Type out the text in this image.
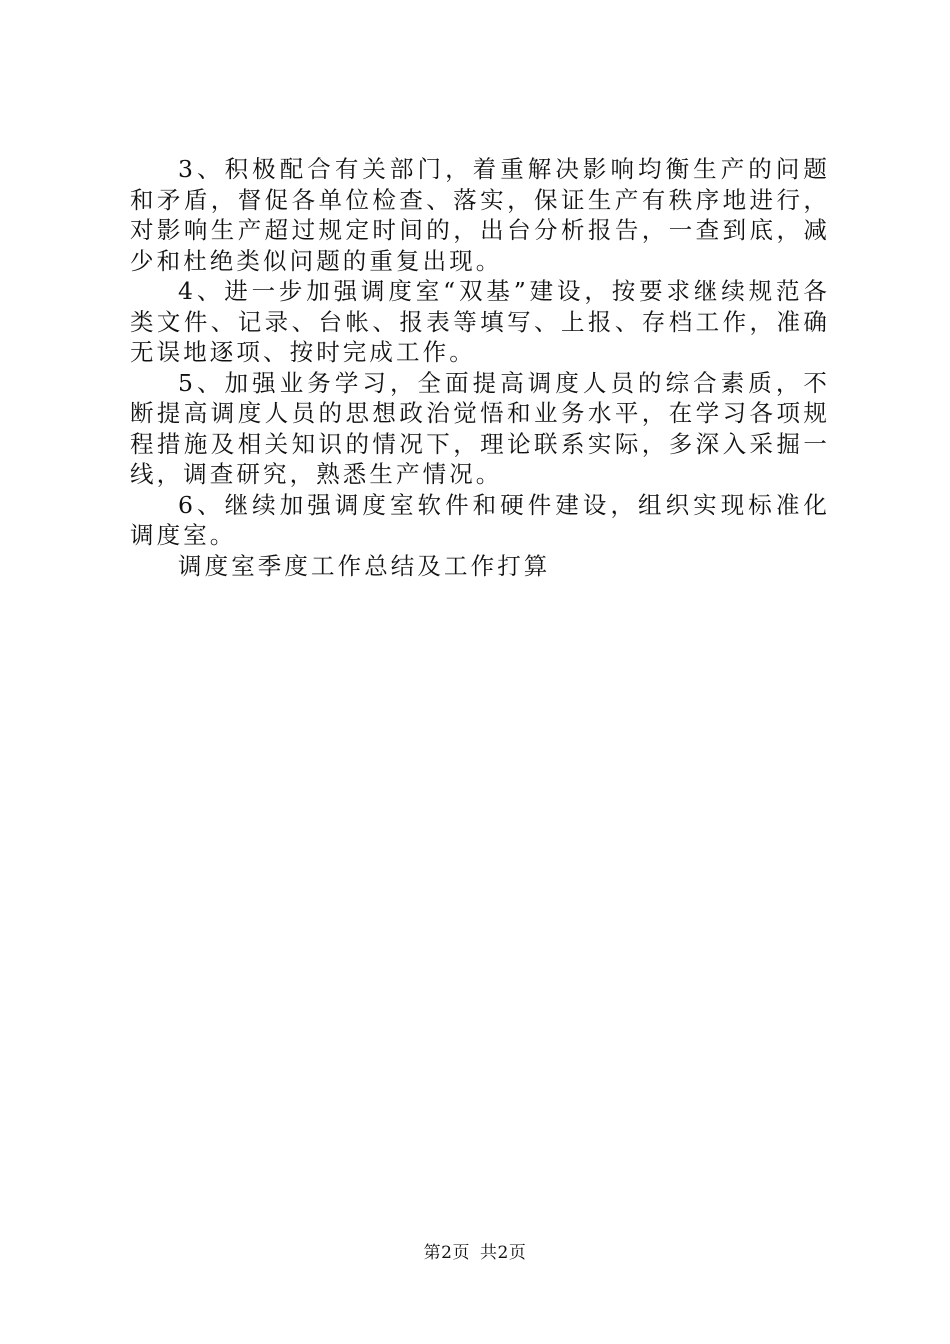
3、积极配合有关部门，着重解决影响均衡生产的问题和矛盾，督促各单位检查、落实，保证生产有秩序地进行，对影响生产超过规定时间的，出台分析报告，一查到底，减少和杜绝类似问题的重复出现。

4、进一步加强调度室“双基”建设，按要求继续规范各类文件、记录、台帐、报表等填写、上报、存档工作，准确无误地逐项、按时完成工作。

5、加强业务学习，全面提高调度人员的综合素质，不断提高调度人员的思想政治觉悟和业务水平，在学习各项规程措施及相关知识的情况下，理论联系实际，多深入采掘一线，调查研究，熟悉生产情况。

6、继续加强调度室软件和硬件建设，组织实现标准化调度室。

调度室季度工作总结及工作打算

第2页 共2页
